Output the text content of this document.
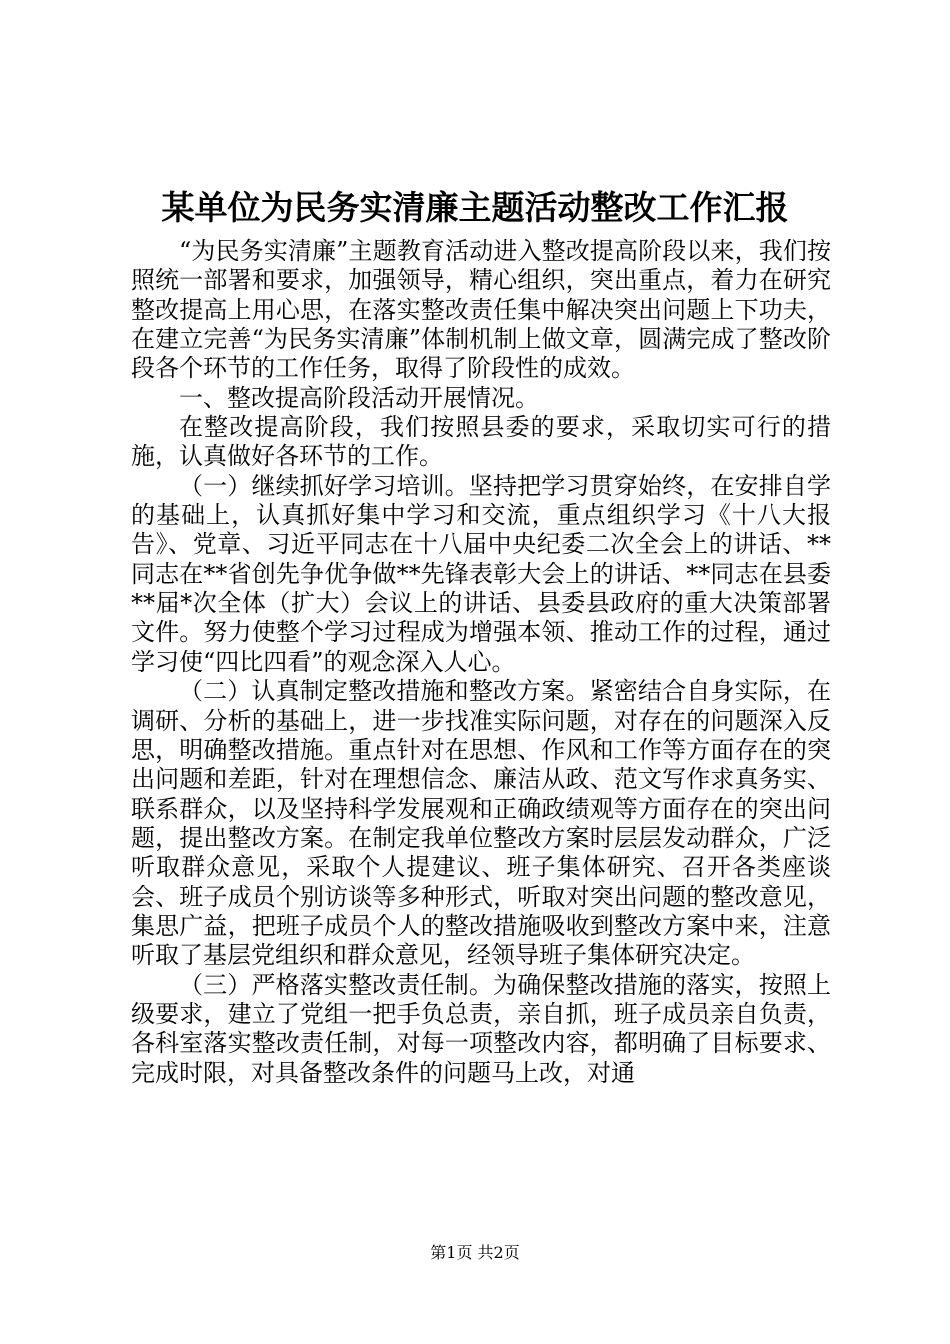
某单位为民务实清廉主题活动整改工作汇报

“为民务实清廉”主题教育活动进入整改提高阶段以来，我们按照统一部署和要求，加强领导，精心组织，突出重点，着力在研究整改提高上用心思，在落实整改责任集中解决突出问题上下功夫，在建立完善“为民务实清廉”体制机制上做文章，圆满完成了整改阶段各个环节的工作任务，取得了阶段性的成效。

一、整改提高阶段活动开展情况。

在整改提高阶段，我们按照县委的要求，采取切实可行的措施，认真做好各环节的工作。

（一）继续抓好学习培训。坚持把学习贯穿始终，在安排自学的基础上，认真抓好集中学习和交流，重点组织学习《十八大报告》、党章、习近平同志在十八届中央纪委二次全会上的讲话、**同志在**省创先争优争做**先锋表彰大会上的讲话、**同志在县委**届*次全体（扩大）会议上的讲话、县委县政府的重大决策部署文件。努力使整个学习过程成为增强本领、推动工作的过程，通过学习使“四比四看”的观念深入人心。

（二）认真制定整改措施和整改方案。紧密结合自身实际，在调研、分析的基础上，进一步找准实际问题，对存在的问题深入反思，明确整改措施。重点针对在思想、作风和工作等方面存在的突出问题和差距，针对在理想信念、廉洁从政、范文写作求真务实、联系群众，以及坚持科学发展观和正确政绩观等方面存在的突出问题，提出整改方案。在制定我单位整改方案时层层发动群众，广泛听取群众意见，采取个人提建议、班子集体研究、召开各类座谈会、班子成员个别访谈等多种形式，听取对突出问题的整改意见，集思广益，把班子成员个人的整改措施吸收到整改方案中来，注意听取了基层党组织和群众意见，经领导班子集体研究决定。

（三）严格落实整改责任制。为确保整改措施的落实，按照上级要求，建立了党组一把手负总责，亲自抓，班子成员亲自负责，各科室落实整改责任制，对每一项整改内容，都明确了目标要求、完成时限，对具备整改条件的问题马上改，对通

第1页 共2页
